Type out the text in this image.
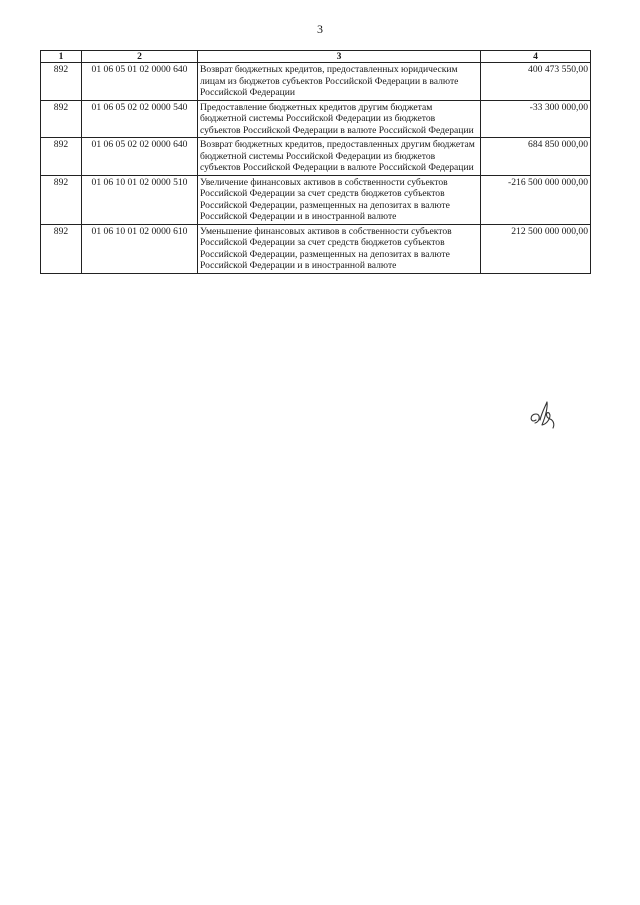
3
1	2	3	4
892	01 06 05 01 02 0000 640	Возврат бюджетных кредитов, предоставленных юридическим лицам из бюджетов субъектов Российской Федерации в валюте Российской Федерации	400 473 550,00
892	01 06 05 02 02 0000 540	Предоставление бюджетных кредитов другим бюджетам бюджетной системы Российской Федерации из бюджетов субъектов Российской Федерации в валюте Российской Федерации	-33 300 000,00
892	01 06 05 02 02 0000 640	Возврат бюджетных кредитов, предоставленных другим бюджетам бюджетной системы Российской Федерации из бюджетов субъектов Российской Федерации в валюте Российской Федерации	684 850 000,00
892	01 06 10 01 02 0000 510	Увеличение финансовых активов в собственности субъектов Российской Федерации за счет средств бюджетов субъектов Российской Федерации, размещенных на депозитах в валюте Российской Федерации и в иностранной валюте	-216 500 000 000,00
892	01 06 10 01 02 0000 610	Уменьшение финансовых активов в собственности субъектов Российской Федерации за счет средств бюджетов субъектов Российской Федерации, размещенных на депозитах в валюте Российской Федерации и в иностранной валюте	212 500 000 000,00
